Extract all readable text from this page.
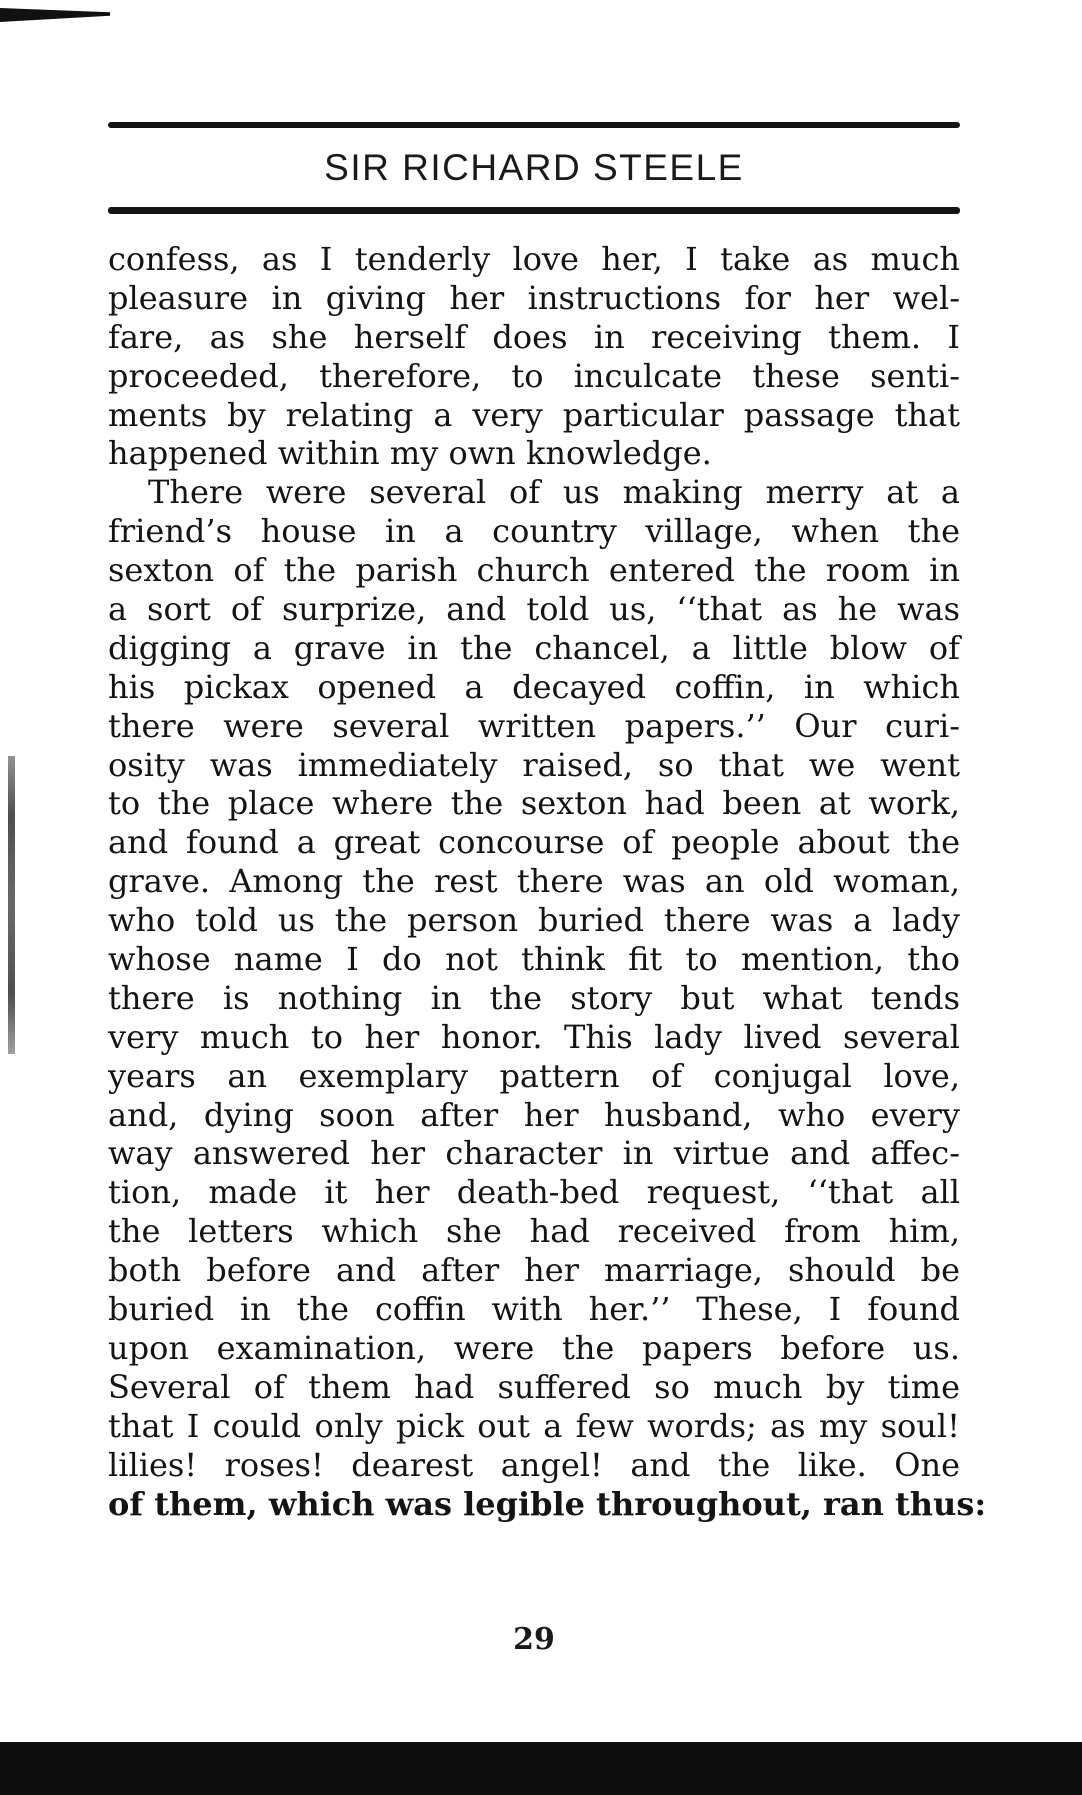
SIR RICHARD STEELE
confess, as I tenderly love her, I take as much
pleasure in giving her instructions for her wel-
fare, as she herself does in receiving them. I
proceeded, therefore, to inculcate these senti-
ments by relating a very particular passage that
happened within my own knowledge.
There were several of us making merry at a
friend’s house in a country village, when the
sexton of the parish church entered the room in
a sort of surprize, and told us, ‘‘that as he was
digging a grave in the chancel, a little blow of
his pickax opened a decayed coffin, in which
there were several written papers.’’ Our curi-
osity was immediately raised, so that we went
to the place where the sexton had been at work,
and found a great concourse of people about the
grave. Among the rest there was an old woman,
who told us the person buried there was a lady
whose name I do not think fit to mention, tho
there is nothing in the story but what tends
very much to her honor. This lady lived several
years an exemplary pattern of conjugal love,
and, dying soon after her husband, who every
way answered her character in virtue and affec-
tion, made it her death-bed request, ‘‘that all
the letters which she had received from him,
both before and after her marriage, should be
buried in the coffin with her.’’ These, I found
upon examination, were the papers before us.
Several of them had suffered so much by time
that I could only pick out a few words; as my soul!
lilies! roses! dearest angel! and the like. One
of them, which was legible throughout, ran thus:
29
